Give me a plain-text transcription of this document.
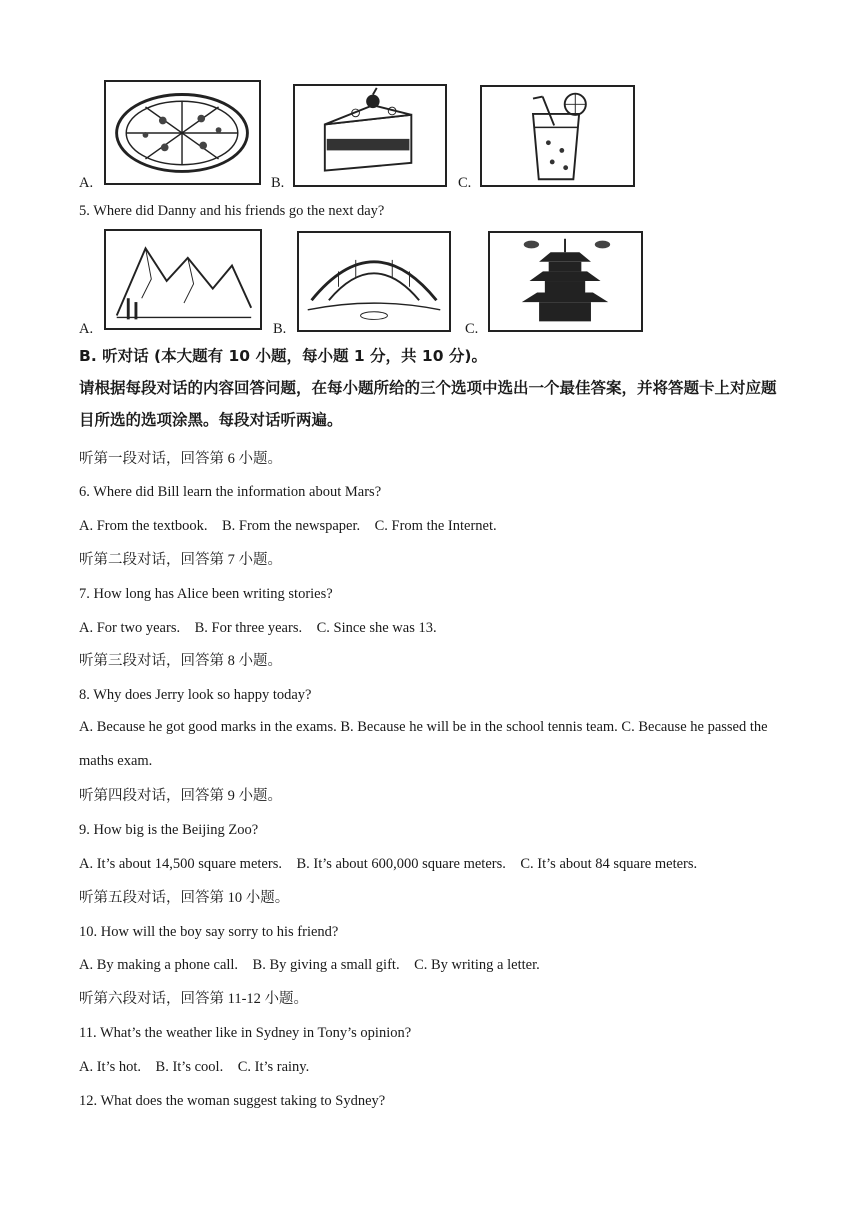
A.	B.	C.
5. Where did Danny and his friends go the next day?
A.	B.	C.
B. 听对话 (本大题有 10 小题，每小题 1 分，共 10 分)。
请根据每段对话的内容回答问题，在每小题所给的三个选项中选出一个最佳答案，并将答题卡上对应题目所选的选项涂黑。每段对话听两遍。
听第一段对话，回答第 6 小题。
6. Where did Bill learn the information about Mars?
A. From the textbook.    B. From the newspaper.    C. From the Internet.
听第二段对话，回答第 7 小题。
7. How long has Alice been writing stories?
A. For two years.    B. For three years.    C. Since she was 13.
听第三段对话，回答第 8 小题。
8. Why does Jerry look so happy today?
A. Because he got good marks in the exams. B. Because he will be in the school tennis team. C. Because he passed the maths exam.
听第四段对话，回答第 9 小题。
9. How big is the Beijing Zoo?
A. It’s about 14,500 square meters.    B. It’s about 600,000 square meters.    C. It’s about 84 square meters.
听第五段对话，回答第 10 小题。
10. How will the boy say sorry to his friend?
A. By making a phone call.    B. By giving a small gift.    C. By writing a letter.
听第六段对话，回答第 11-12 小题。
11. What’s the weather like in Sydney in Tony’s opinion?
A. It’s hot.    B. It’s cool.    C. It’s rainy.
12. What does the woman suggest taking to Sydney?
